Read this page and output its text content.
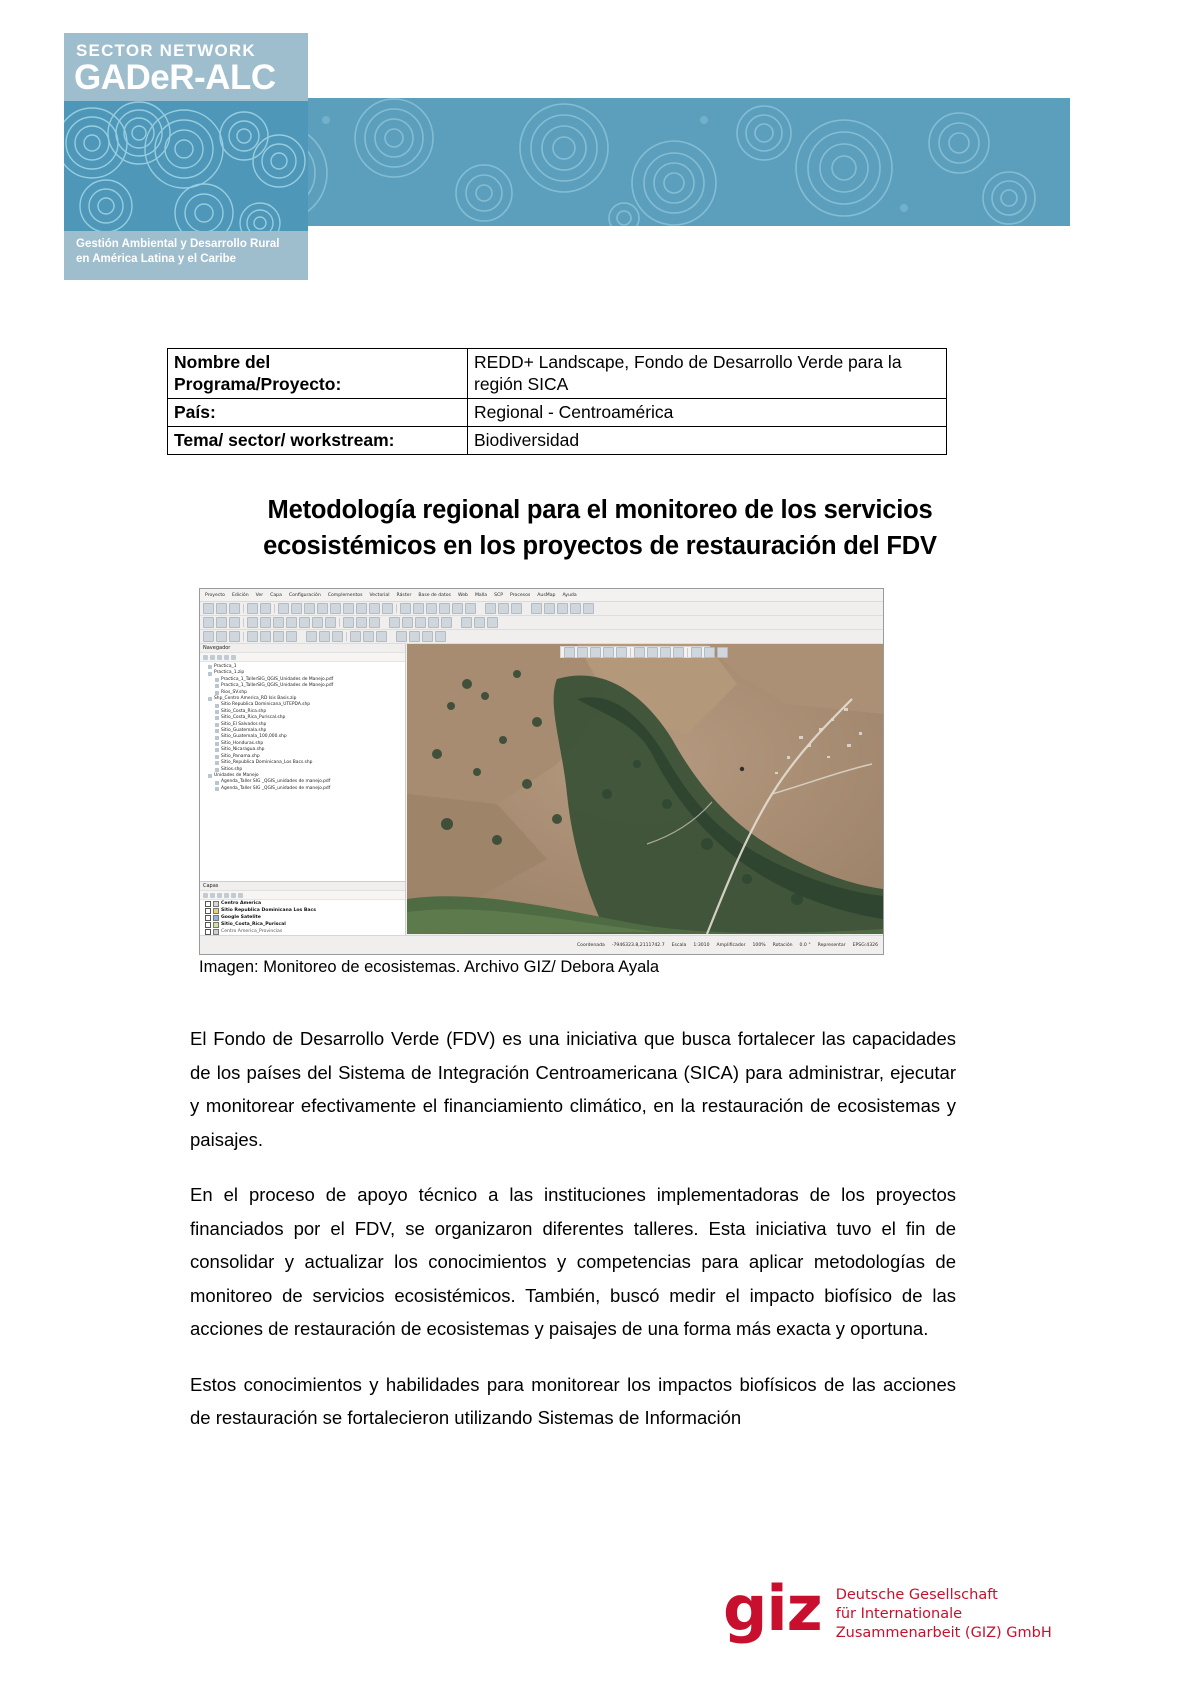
SECTOR NETWORK
GADeR-ALC
Gestión Ambiental y Desarrollo Rural
en América Latina y el Caribe
Nombre del
Programa/Proyecto:	REDD+ Landscape, Fondo de Desarrollo Verde para la región SICA
País:	Regional - Centroamérica
Tema/ sector/ workstream:	Biodiversidad
Metodología regional para el monitoreo de los servicios
ecosistémicos en los proyectos de restauración del FDV
Proyecto Edición Ver Capa Configuración Complementos Vectorial Ráster Base de datos Web Malla SCP Procesos AusMap Ayuda
Navegador
Practica_1
Practica_1.zip
Practica_1_TallerSIG_QGIS_Unidades de Manejo.pdf
Practica_1_TallerSIG_QGIS_Unidades de Manejo.pdf
Rios_SV.shp
Shp_Centro America_RD Isis Basis.zip
Sitio Republica Dominicana_UTEPDA.shp
Sitio_Costa_Rica.shp
Sitio_Costa_Rica_Puriscal.shp
Sitio_El Salvador.shp
Sitio_Guatemala.shp
Sitio_Guatemala_100,000.shp
Sitio_Honduras.shp
Sitio_Nicaragua.shp
Sitio_Panama.shp
Sitio_Republica Dominicana_Los Bacs.shp
Sitios.shp
Unidades de Manejo
Agenda_Taller SIG _QGIS_unidades de manejo.pdf
Agenda_Taller SIG _QGIS_unidades de manejo.pdf
Capas
Centro America
Sitio Republica Dominicana Los Bacs
Google Satelite
Sitio_Costa_Rica_Puriscal
Centro America_Provincias
Coordenada -7946323.8,2111742.7 Escala 1:3010 Amplificador 100% Rotación 0.0 ° Representar EPSG:4326
Imagen: Monitoreo de ecosistemas. Archivo GIZ/ Debora Ayala

El Fondo de Desarrollo Verde (FDV) es una iniciativa que busca fortalecer las capacidades de los países del Sistema de Integración Centroamericana (SICA) para administrar, ejecutar y monitorear efectivamente el financiamiento climático, en la restauración de ecosistemas y paisajes.

En el proceso de apoyo técnico a las instituciones implementadoras de los proyectos financiados por el FDV, se organizaron diferentes talleres. Esta iniciativa tuvo el fin de consolidar y actualizar los conocimientos y competencias para aplicar metodologías de monitoreo de servicios ecosistémicos. También, buscó medir el impacto biofísico de las acciones de restauración de ecosistemas y paisajes de una forma más exacta y oportuna.

Estos conocimientos y habilidades para monitorear los impactos biofísicos de las acciones de restauración se fortalecieron utilizando Sistemas de Información

giz Deutsche Gesellschaft
für Internationale
Zusammenarbeit (GIZ) GmbH
